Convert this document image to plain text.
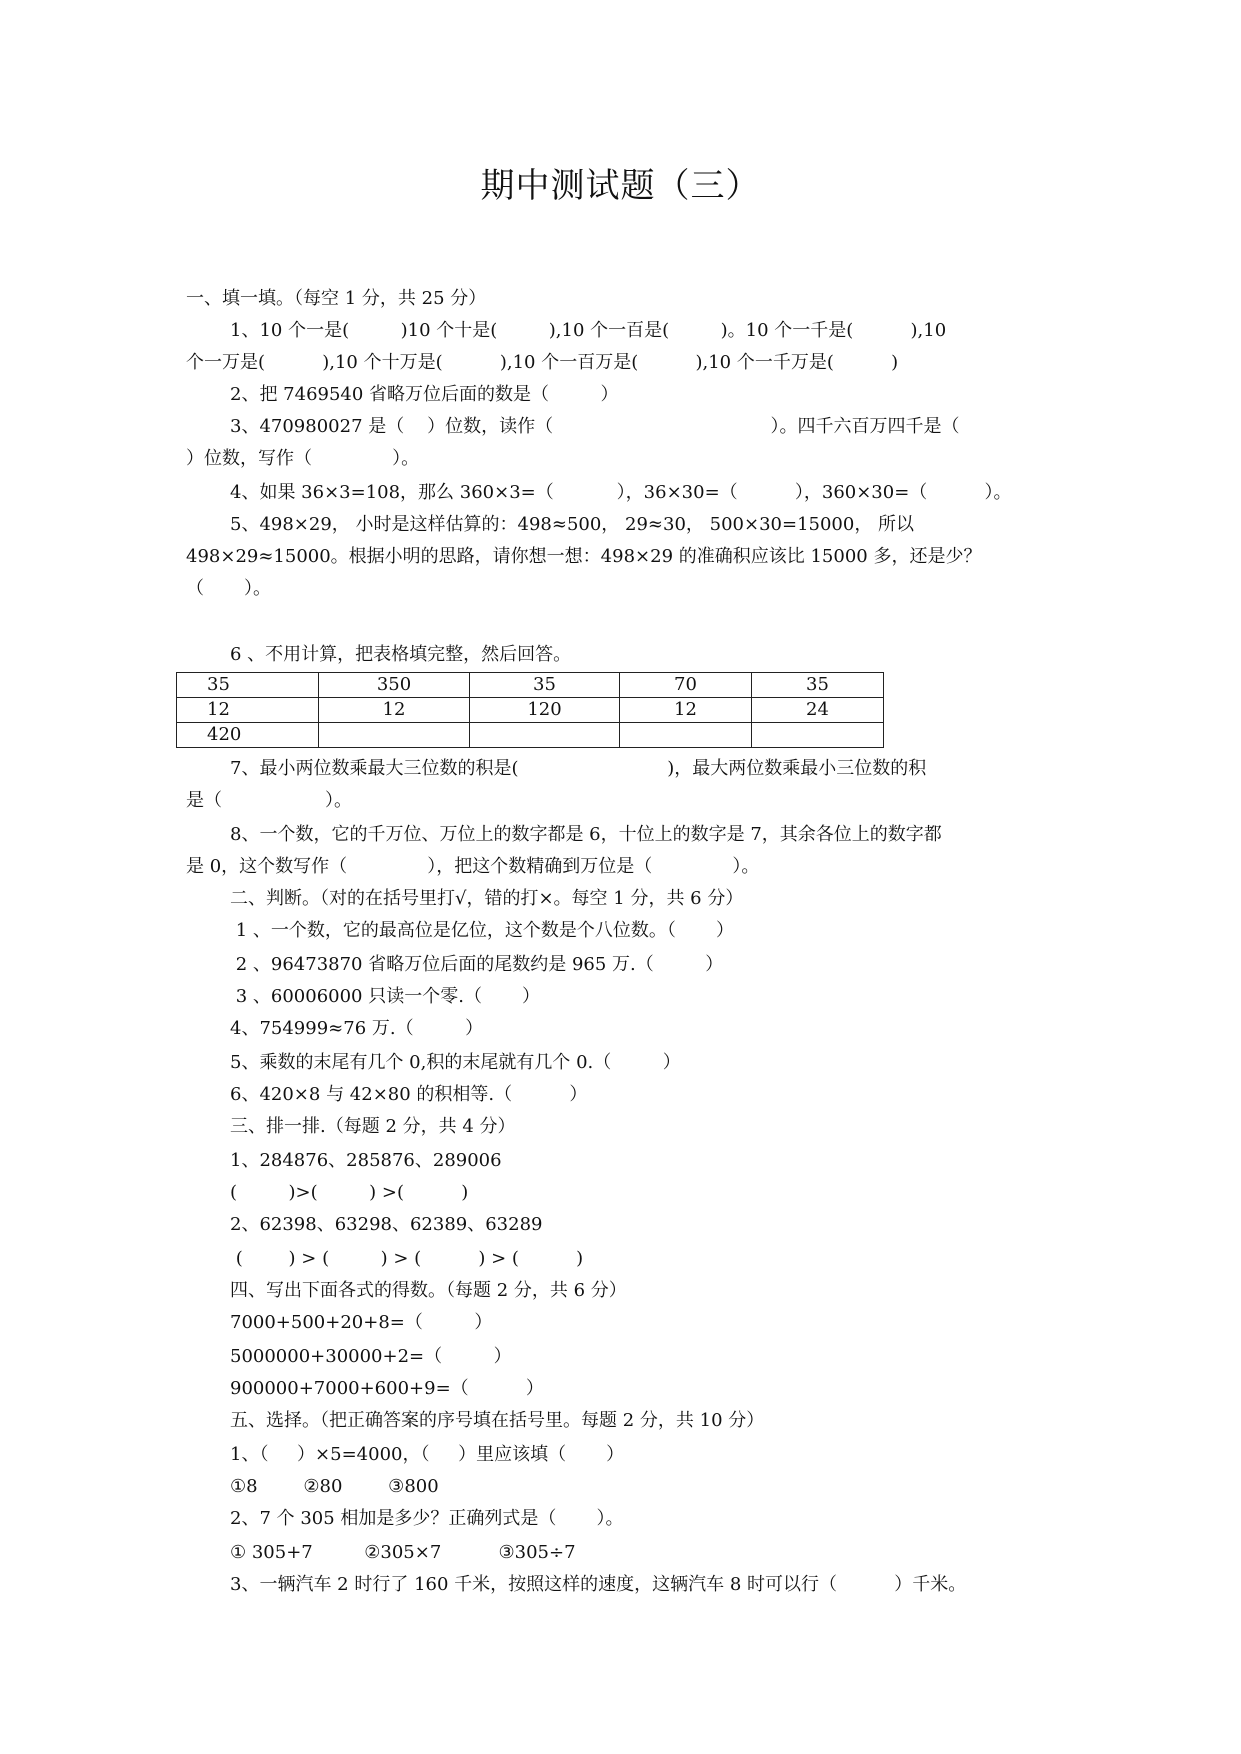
期中测试题（三）
一、填一填。（每空 1 分，共 25 分）
1、10 个一是(         )10 个十是(         ),10 个一百是(         )。10 个一千是(          ),10
个一万是(          ),10 个十万是(          ),10 个一百万是(          ),10 个一千万是(          )
2、把 7469540 省略万位后面的数是（         ）
3、470980027 是（    ）位数，读作（                                      ）。四千六百万四千是（
）位数，写作（              ）。
4、如果 36×3=108，那么 360×3=（           ），36×30=（          ），360×30=（          ）。
5、498×29， 小时是这样估算的：498≈500， 29≈30， 500×30=15000， 所以
498×29≈15000。根据小明的思路，请你想一想：498×29 的准确积应该比 15000 多，还是少？
（       ）。
6 、不用计算，把表格填完整，然后回答。
35	350	35	70	35
12	12	120	12	24
420				
7、最小两位数乘最大三位数的积是(                          )，最大两位数乘最小三位数的积
是（                  ）。
8、一个数，它的千万位、万位上的数字都是 6，十位上的数字是 7，其余各位上的数字都
是 0，这个数写作（              ），把这个数精确到万位是（              ）。
二、判断。（对的在括号里打√，错的打×。每空 1 分，共 6 分）
1 、一个数，它的最高位是亿位，这个数是个八位数。（       ）
2 、96473870 省略万位后面的尾数约是 965 万.（         ）
3 、60006000 只读一个零.（       ）
4、754999≈76 万.（         ）
5、乘数的末尾有几个 0,积的末尾就有几个 0.（         ）
6、420×8 与 42×80 的积相等.（          ）
三、排一排.（每题 2 分，共 4 分）
1、284876、285876、289006
(         )>(         ) >(          )
2、62398、63298、62389、63289
(        ) > (         ) > (          ) > (          )
四、写出下面各式的得数。（每题 2 分，共 6 分）
7000+500+20+8=（         ）
5000000+30000+2=（         ）
900000+7000+600+9=（          ）
五、选择。（把正确答案的序号填在括号里。每题 2 分，共 10 分）
1、（     ）×5=4000，（     ）里应该填（       ）
①8        ②80        ③800
2、7 个 305 相加是多少？正确列式是（       ）。
① 305+7         ②305×7          ③305÷7
3、一辆汽车 2 时行了 160 千米，按照这样的速度，这辆汽车 8 时可以行（          ）千米。
